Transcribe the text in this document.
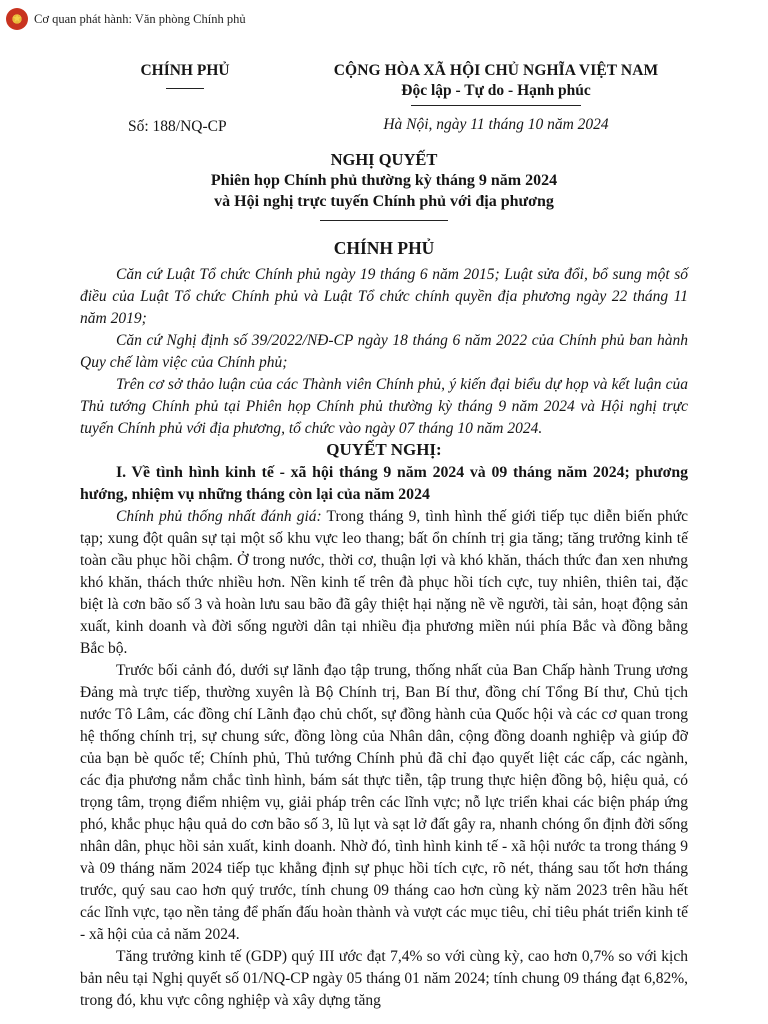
★ Cơ quan phát hành: Văn phòng Chính phủ
CHÍNH PHỦ
Số: 188/NQ-CP
CỘNG HÒA XÃ HỘI CHỦ NGHĨA VIỆT NAM
Độc lập - Tự do - Hạnh phúc
Hà Nội, ngày 11 tháng 10 năm 2024
NGHỊ QUYẾT
Phiên họp Chính phủ thường kỳ tháng 9 năm 2024
và Hội nghị trực tuyến Chính phủ với địa phương
CHÍNH PHỦ

Căn cứ Luật Tổ chức Chính phủ ngày 19 tháng 6 năm 2015; Luật sửa đổi, bổ sung một số điều của Luật Tổ chức Chính phủ và Luật Tổ chức chính quyền địa phương ngày 22 tháng 11 năm 2019;

Căn cứ Nghị định số 39/2022/NĐ-CP ngày 18 tháng 6 năm 2022 của Chính phủ ban hành Quy chế làm việc của Chính phủ;

Trên cơ sở thảo luận của các Thành viên Chính phủ, ý kiến đại biểu dự họp và kết luận của Thủ tướng Chính phủ tại Phiên họp Chính phủ thường kỳ tháng 9 năm 2024 và Hội nghị trực tuyến Chính phủ với địa phương, tổ chức vào ngày 07 tháng 10 năm 2024.

QUYẾT NGHỊ:

I. Về tình hình kinh tế - xã hội tháng 9 năm 2024 và 09 tháng năm 2024; phương hướng, nhiệm vụ những tháng còn lại của năm 2024

Chính phủ thống nhất đánh giá: Trong tháng 9, tình hình thế giới tiếp tục diễn biến phức tạp; xung đột quân sự tại một số khu vực leo thang; bất ổn chính trị gia tăng; tăng trưởng kinh tế toàn cầu phục hồi chậm. Ở trong nước, thời cơ, thuận lợi và khó khăn, thách thức đan xen nhưng khó khăn, thách thức nhiều hơn. Nền kinh tế trên đà phục hồi tích cực, tuy nhiên, thiên tai, đặc biệt là cơn bão số 3 và hoàn lưu sau bão đã gây thiệt hại nặng nề về người, tài sản, hoạt động sản xuất, kinh doanh và đời sống người dân tại nhiều địa phương miền núi phía Bắc và đồng bằng Bắc bộ.

Trước bối cảnh đó, dưới sự lãnh đạo tập trung, thống nhất của Ban Chấp hành Trung ương Đảng mà trực tiếp, thường xuyên là Bộ Chính trị, Ban Bí thư, đồng chí Tổng Bí thư, Chủ tịch nước Tô Lâm, các đồng chí Lãnh đạo chủ chốt, sự đồng hành của Quốc hội và các cơ quan trong hệ thống chính trị, sự chung sức, đồng lòng của Nhân dân, cộng đồng doanh nghiệp và giúp đỡ của bạn bè quốc tế; Chính phủ, Thủ tướng Chính phủ đã chỉ đạo quyết liệt các cấp, các ngành, các địa phương nắm chắc tình hình, bám sát thực tiễn, tập trung thực hiện đồng bộ, hiệu quả, có trọng tâm, trọng điểm nhiệm vụ, giải pháp trên các lĩnh vực; nỗ lực triển khai các biện pháp ứng phó, khắc phục hậu quả do cơn bão số 3, lũ lụt và sạt lở đất gây ra, nhanh chóng ổn định đời sống nhân dân, phục hồi sản xuất, kinh doanh. Nhờ đó, tình hình kinh tế - xã hội nước ta trong tháng 9 và 09 tháng năm 2024 tiếp tục khẳng định sự phục hồi tích cực, rõ nét, tháng sau tốt hơn tháng trước, quý sau cao hơn quý trước, tính chung 09 tháng cao hơn cùng kỳ năm 2023 trên hầu hết các lĩnh vực, tạo nền tảng để phấn đấu hoàn thành và vượt các mục tiêu, chỉ tiêu phát triển kinh tế - xã hội của cả năm 2024.

Tăng trưởng kinh tế (GDP) quý III ước đạt 7,4% so với cùng kỳ, cao hơn 0,7% so với kịch bản nêu tại Nghị quyết số 01/NQ-CP ngày 05 tháng 01 năm 2024; tính chung 09 tháng đạt 6,82%, trong đó, khu vực công nghiệp và xây dựng tăng
